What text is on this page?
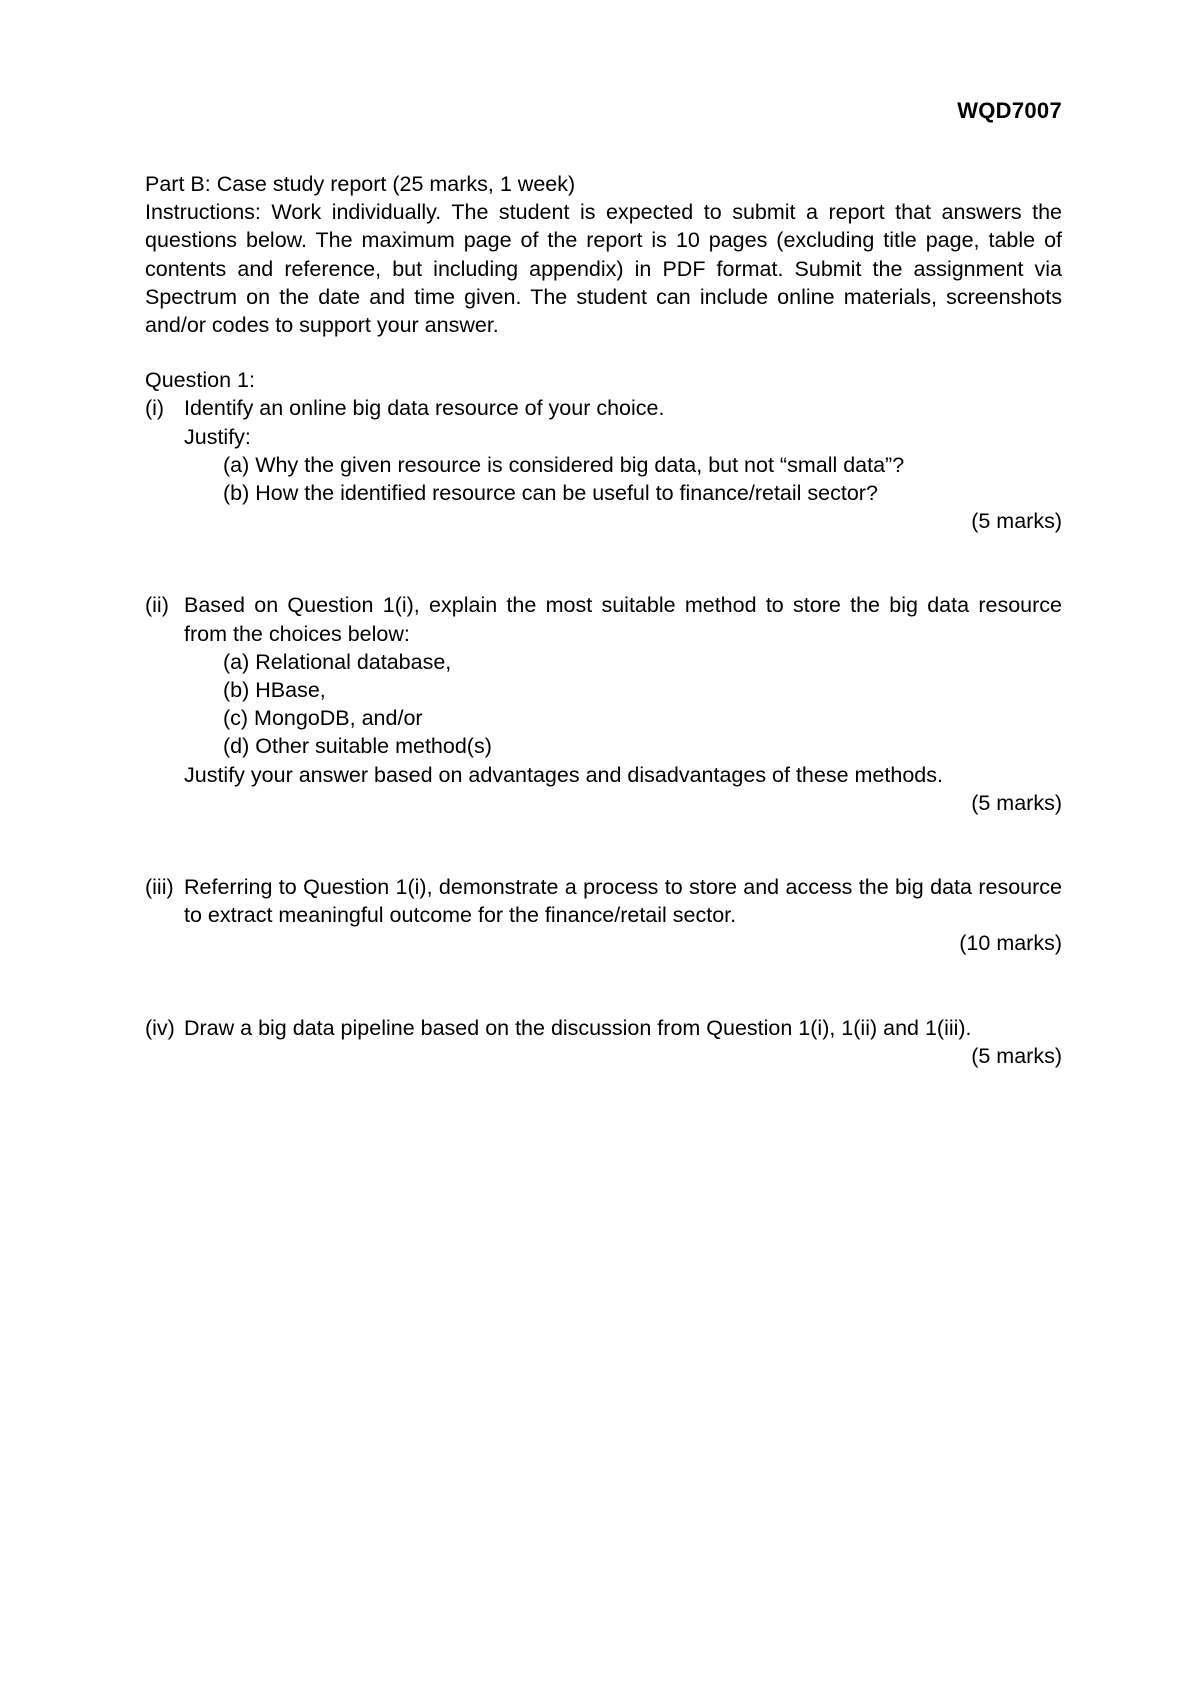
WQD7007
Part B: Case study report (25 marks, 1 week)
Instructions: Work individually. The student is expected to submit a report that answers the questions below. The maximum page of the report is 10 pages (excluding title page, table of contents and reference, but including appendix) in PDF format. Submit the assignment via Spectrum on the date and time given. The student can include online materials, screenshots and/or codes to support your answer.
Question 1:
(i) Identify an online big data resource of your choice.
Justify:
(a) Why the given resource is considered big data, but not “small data”?
(b) How the identified resource can be useful to finance/retail sector?
(5 marks)
(ii) Based on Question 1(i), explain the most suitable method to store the big data resource from the choices below:
(a) Relational database,
(b) HBase,
(c) MongoDB, and/or
(d) Other suitable method(s)
Justify your answer based on advantages and disadvantages of these methods.
(5 marks)
(iii) Referring to Question 1(i), demonstrate a process to store and access the big data resource to extract meaningful outcome for the finance/retail sector.
(10 marks)
(iv) Draw a big data pipeline based on the discussion from Question 1(i), 1(ii) and 1(iii).
(5 marks)
